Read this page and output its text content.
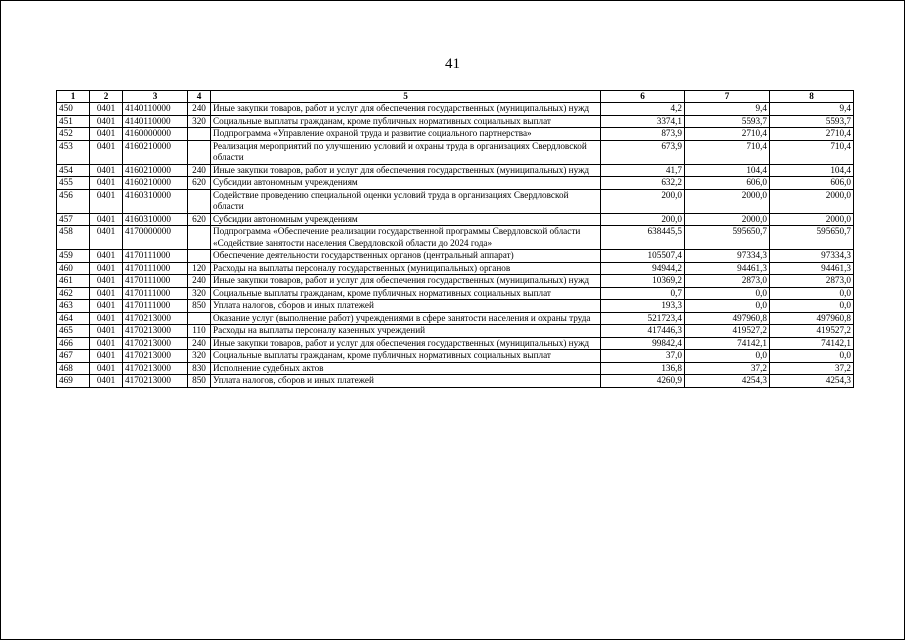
41
1	2	3	4	5	6	7	8
450	0401	4140110000	240	Иные закупки товаров, работ и услуг для обеспечения государственных (муниципальных) нужд	4,2	9,4	9,4
451	0401	4140110000	320	Социальные выплаты гражданам, кроме публичных нормативных социальных выплат	3374,1	5593,7	5593,7
452	0401	4160000000		Подпрограмма «Управление охраной труда и развитие социального партнерства»	873,9	2710,4	2710,4
453	0401	4160210000		Реализация мероприятий по улучшению условий и охраны труда в организациях Свердловской области	673,9	710,4	710,4
454	0401	4160210000	240	Иные закупки товаров, работ и услуг для обеспечения государственных (муниципальных) нужд	41,7	104,4	104,4
455	0401	4160210000	620	Субсидии автономным учреждениям	632,2	606,0	606,0
456	0401	4160310000		Содействие проведению специальной оценки условий труда в организациях Свердловской области	200,0	2000,0	2000,0
457	0401	4160310000	620	Субсидии автономным учреждениям	200,0	2000,0	2000,0
458	0401	4170000000		Подпрограмма «Обеспечение реализации государственной программы Свердловской области «Содействие занятости населения Свердловской области до 2024 года»	638445,5	595650,7	595650,7
459	0401	4170111000		Обеспечение деятельности государственных органов (центральный аппарат)	105507,4	97334,3	97334,3
460	0401	4170111000	120	Расходы на выплаты персоналу государственных (муниципальных) органов	94944,2	94461,3	94461,3
461	0401	4170111000	240	Иные закупки товаров, работ и услуг для обеспечения государственных (муниципальных) нужд	10369,2	2873,0	2873,0
462	0401	4170111000	320	Социальные выплаты гражданам, кроме публичных нормативных социальных выплат	0,7	0,0	0,0
463	0401	4170111000	850	Уплата налогов, сборов и иных платежей	193,3	0,0	0,0
464	0401	4170213000		Оказание услуг (выполнение работ) учреждениями в сфере занятости населения и охраны труда	521723,4	497960,8	497960,8
465	0401	4170213000	110	Расходы на выплаты персоналу казенных учреждений	417446,3	419527,2	419527,2
466	0401	4170213000	240	Иные закупки товаров, работ и услуг для обеспечения государственных (муниципальных) нужд	99842,4	74142,1	74142,1
467	0401	4170213000	320	Социальные выплаты гражданам, кроме публичных нормативных социальных выплат	37,0	0,0	0,0
468	0401	4170213000	830	Исполнение судебных актов	136,8	37,2	37,2
469	0401	4170213000	850	Уплата налогов, сборов и иных платежей	4260,9	4254,3	4254,3
